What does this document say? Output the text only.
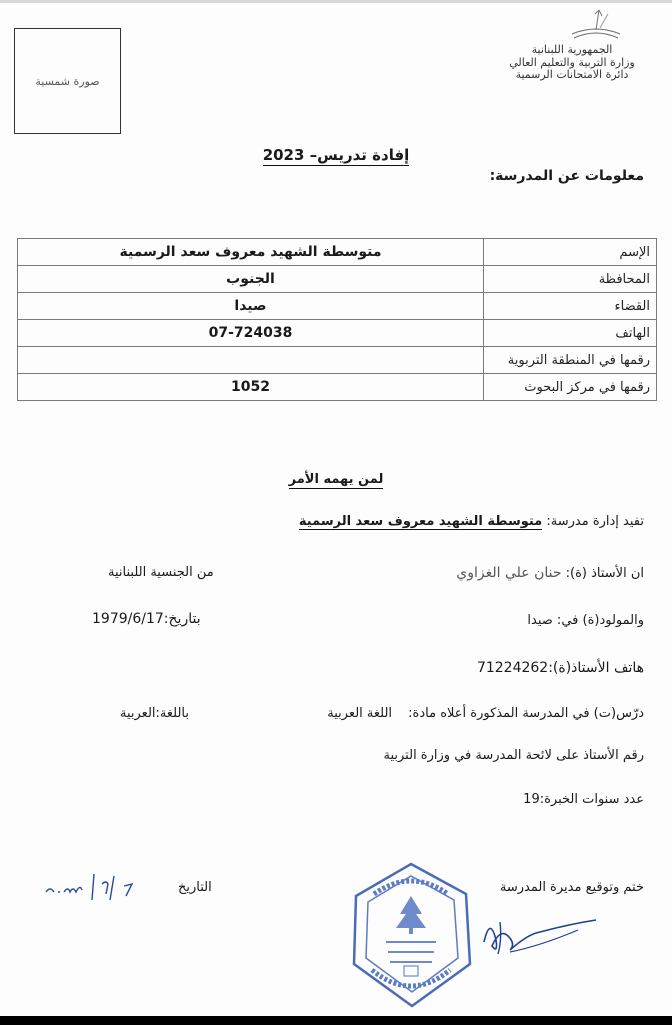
صورة شمسية
الجمهورية اللبنانية
وزارة التربية والتعليم العالي
دائرة الامتحانات الرسمية
إفادة تدريس– 2023
معلومات عن المدرسة:
الإسم	متوسطة الشهيد معروف سعد الرسمية
المحافظة	الجنوب
القضاء	صيدا
الهاتف	07-724038
رقمها في المنطقة التربوية	
رقمها في مركز البحوث	1052
لمن يهمه الأمر
تفيد إدارة مدرسة: متوسطة الشهيد معروف سعد الرسمية
ان الأستاذ (ة): حنان علي الغزاوي
من الجنسية اللبنانية
والمولود(ة) في: صيدا
بتاريخ:1979/6/17
هاتف الأستاذ(ة):71224262
درّس(ت) في المدرسة المذكورة أعلاه مادة: اللغة العربية
باللغة:العربية
رقم الأستاذ على لائحة المدرسة في وزارة التربية
عدد سنوات الخبرة:19
ختم وتوقيع مديرة المدرسة
التاريخ
